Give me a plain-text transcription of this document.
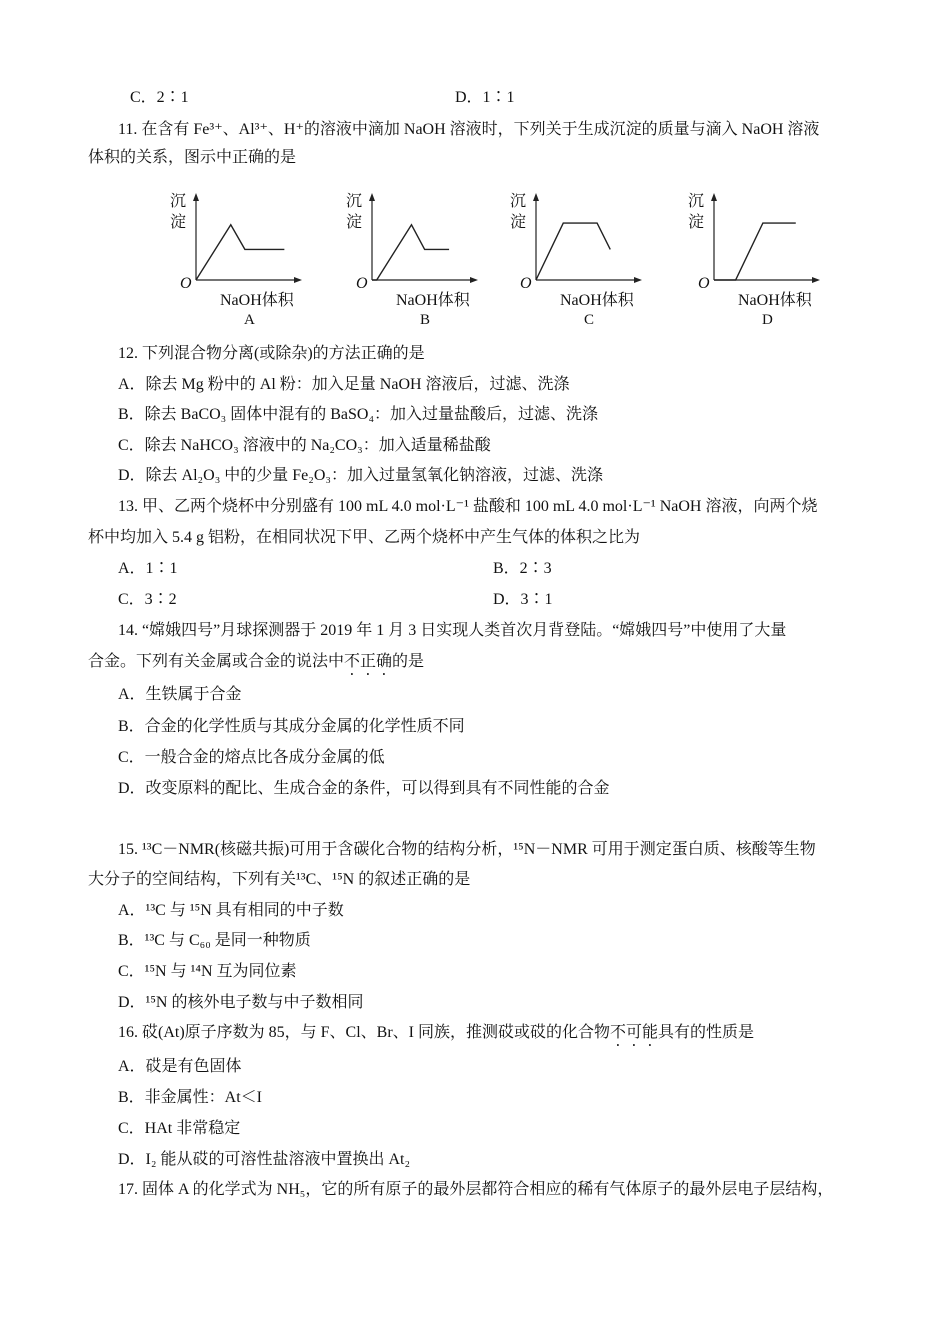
C．2∶1	D．1∶1
11. 在含有 Fe³⁺、Al³⁺、H⁺的溶液中滴加 NaOH 溶液时，下列关于生成沉淀的质量与滴入 NaOH 溶液
体积的关系，图示中正确的是
沉淀
O
NaOH体积
A
沉淀
O
NaOH体积
B
沉淀
O
NaOH体积
C
沉淀
O
NaOH体积
D
12. 下列混合物分离(或除杂)的方法正确的是
A．除去 Mg 粉中的 Al 粉：加入足量 NaOH 溶液后，过滤、洗涤
B．除去 BaCO₃ 固体中混有的 BaSO₄：加入过量盐酸后，过滤、洗涤
C．除去 NaHCO₃ 溶液中的 Na₂CO₃：加入适量稀盐酸
D．除去 Al₂O₃ 中的少量 Fe₂O₃：加入过量氢氧化钠溶液，过滤、洗涤
13. 甲、乙两个烧杯中分别盛有 100 mL 4.0 mol·L⁻¹ 盐酸和 100 mL 4.0 mol·L⁻¹ NaOH 溶液，向两个烧
杯中均加入 5.4 g 铝粉，在相同状况下甲、乙两个烧杯中产生气体的体积之比为
A．1∶1	B．2∶3
C．3∶2	D．3∶1
14. “嫦娥四号”月球探测器于 2019 年 1 月 3 日实现人类首次月背登陆。“嫦娥四号”中使用了大量
合金。下列有关金属或合金的说法中不正确的是
A．生铁属于合金
B．合金的化学性质与其成分金属的化学性质不同
C．一般合金的熔点比各成分金属的低
D．改变原料的配比、生成合金的条件，可以得到具有不同性能的合金
15. ¹³C－NMR(核磁共振)可用于含碳化合物的结构分析，¹⁵N－NMR 可用于测定蛋白质、核酸等生物
大分子的空间结构，下列有关¹³C、¹⁵N 的叙述正确的是
A．¹³C 与 ¹⁵N 具有相同的中子数
B．¹³C 与 C₆₀ 是同一种物质
C．¹⁵N 与 ¹⁴N 互为同位素
D．¹⁵N 的核外电子数与中子数相同
16. 砹(At)原子序数为 85，与 F、Cl、Br、I 同族，推测砹或砹的化合物不可能具有的性质是
A．砹是有色固体
B．非金属性：At＜I
C．HAt 非常稳定
D．I₂ 能从砹的可溶性盐溶液中置换出 At₂
17. 固体 A 的化学式为 NH₅，它的所有原子的最外层都符合相应的稀有气体原子的最外层电子层结构，
